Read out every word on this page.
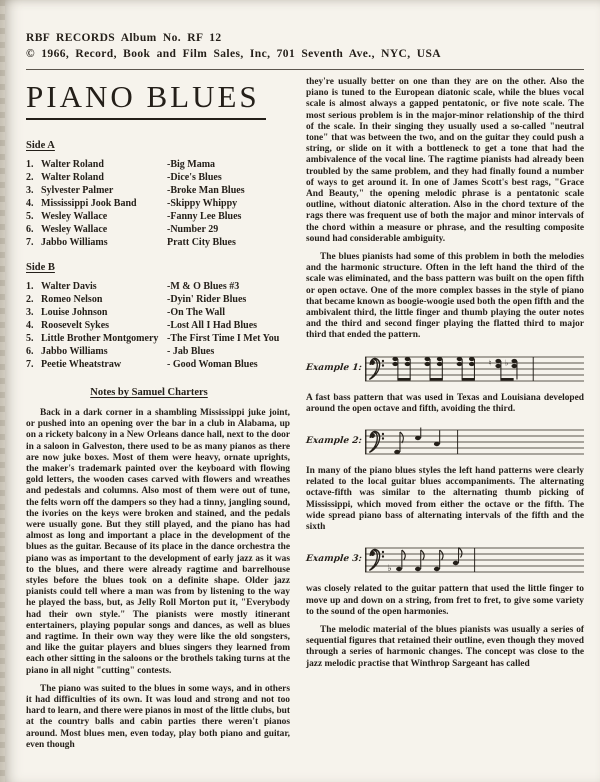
RBF RECORDS Album No. RF 12
© 1966, Record, Book and Film Sales, Inc, 701 Seventh Ave., NYC, USA
PIANO BLUES
Side A
1. Walter Roland	-Big Mama
2. Walter Roland	-Dice's Blues
3. Sylvester Palmer	-Broke Man Blues
4. Mississippi Jook Band	-Skippy Whippy
5. Wesley Wallace	-Fanny Lee Blues
6. Wesley Wallace	-Number 29
7. Jabbo Williams	Pratt City Blues
Side B
1. Walter Davis	-M & O Blues #3
2. Romeo Nelson	-Dyin' Rider Blues
3. Louise Johnson	-On The Wall
4. Roosevelt Sykes	-Lost All I Had Blues
5. Little Brother Montgomery -The First Time I Met You
6. Jabbo Williams	- Jab Blues
7. Peetie Wheatstraw	- Good Woman Blues
Notes by Samuel Charters

Back in a dark corner in a shambling Mississippi juke joint, or pushed into an opening over the bar in a club in Alabama, up on a rickety balcony in a New Orleans dance hall, next to the door in a saloon in Galveston, there used to be as many pianos as there are now juke boxes. Most of them were heavy, ornate uprights, the maker's trademark painted over the keyboard with flowing gold letters, the wooden cases carved with flowers and wreathes and pedestals and columns. Also most of them were out of tune, the felts worn off the dampers so they had a tinny, jangling sound, the ivories on the keys were broken and stained, and the pedals were usually gone. But they still played, and the piano has had almost as long and important a place in the development of the blues as the guitar. Because of its place in the dance orchestra the piano was as important to the development of early jazz as it was to the blues, and there were already ragtime and barrelhouse styles before the blues took on a definite shape. Older jazz pianists could tell where a man was from by listening to the way he played the bass, but, as Jelly Roll Morton put it, "Everybody had their own style." The pianists were mostly itinerant entertainers, playing popular songs and dances, as well as blues and ragtime. In their own way they were like the old songsters, and like the guitar players and blues singers they learned from each other sitting in the saloons or the brothels taking turns at the piano in all night "cutting" contests.

The piano was suited to the blues in some ways, and in others it had difficulties of its own. It was loud and strong and not too hard to learn, and there were pianos in most of the little clubs, but at the country balls and cabin parties there weren't pianos around. Most blues men, even today, play both piano and guitar, even though

they're usually better on one than they are on the other. Also the piano is tuned to the European diatonic scale, while the blues vocal scale is almost always a gapped pentatonic, or five note scale. The most serious problem is in the major-minor relationship of the third of the scale. In their singing they usually used a so-called "neutral tone" that was between the two, and on the guitar they could push a string, or slide on it with a bottleneck to get a tone that had the ambivalence of the vocal line. The ragtime pianists had already been troubled by the same problem, and they had finally found a number of ways to get around it. In one of James Scott's best rags, "Grace And Beauty," the opening melodic phrase is a pentatonic scale outline, without diatonic alteration. Also in the chord texture of the rags there was frequent use of both the major and minor intervals of the chord within a measure or phrase, and the resulting composite sound had considerable ambiguity.

The blues pianists had some of this problem in both the melodies and the harmonic structure. Often in the left hand the third of the scale was eliminated, and the bass pattern was built on the open fifth or open octave. One of the more complex basses in the style of piano that became known as boogie-woogie used both the open fifth and the ambivalent third, the little finger and thumb playing the outer notes and the third and second finger playing the flatted third to major third that ended the pattern.

Example 1:
♮ ♭

A fast bass pattern that was used in Texas and Louisiana developed around the open octave and fifth, avoiding the third.

Example 2:

In many of the piano blues styles the left hand patterns were clearly related to the local guitar blues accompaniments. The alternating octave-fifth was similar to the alternating thumb picking of Mississippi, which moved from either the octave or the fifth. The wide spread piano bass of alternating intervals of the fifth and the sixth

Example 3:
♭

was closely related to the guitar pattern that used the little finger to move up and down on a string, from fret to fret, to give some variety to the sound of the open harmonies.

The melodic material of the blues pianists was usually a series of sequential figures that retained their outline, even though they moved through a series of harmonic changes. The concept was close to the jazz melodic practise that Winthrop Sargeant has called
